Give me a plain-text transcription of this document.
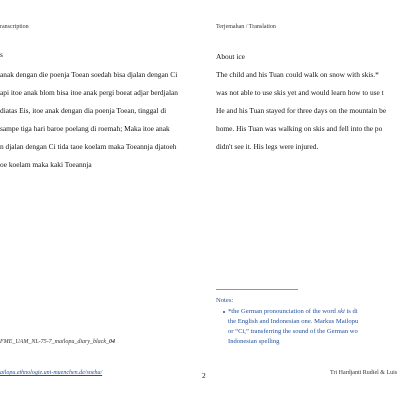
ranscription	Terjemahan / Translation
s
anak dengan die poenja Toean soedah bisa djalan dengan Ci
api itoe anak blom bisa itoe anak pergi boeat adjar berdjalan
diatas Eis, itoe anak dengan dia poenja Toean, tinggal di
sampe tiga hari baroe poelang di roemah; Maka itoe anak
n djalan dengan Ci tida taoe koelam maka Toeannja djatoeh
oe koelam maka kaki Toeannja
FME_UAM_NL-75-7_mailopu_diary_black_04
ailopu.ethnologie.uni-muenchen.de/sneha/
About ice
The child and his Tuan could walk on snow with skis.*
was not able to use skis yet and would learn how to use t
He and his Tuan stayed for three days on the mountain be
home. His Tuan was walking on skis and fell into the po
didn't see it. His legs were injured.
Notes:
*the German pronounciation of the word ski is di
the English and Indonesian one. Markus Mailopu
or “Ci,” transferring the sound of the German wo
Indonesian spelling
2	Tri Hardjanti Rudiel & Luis
